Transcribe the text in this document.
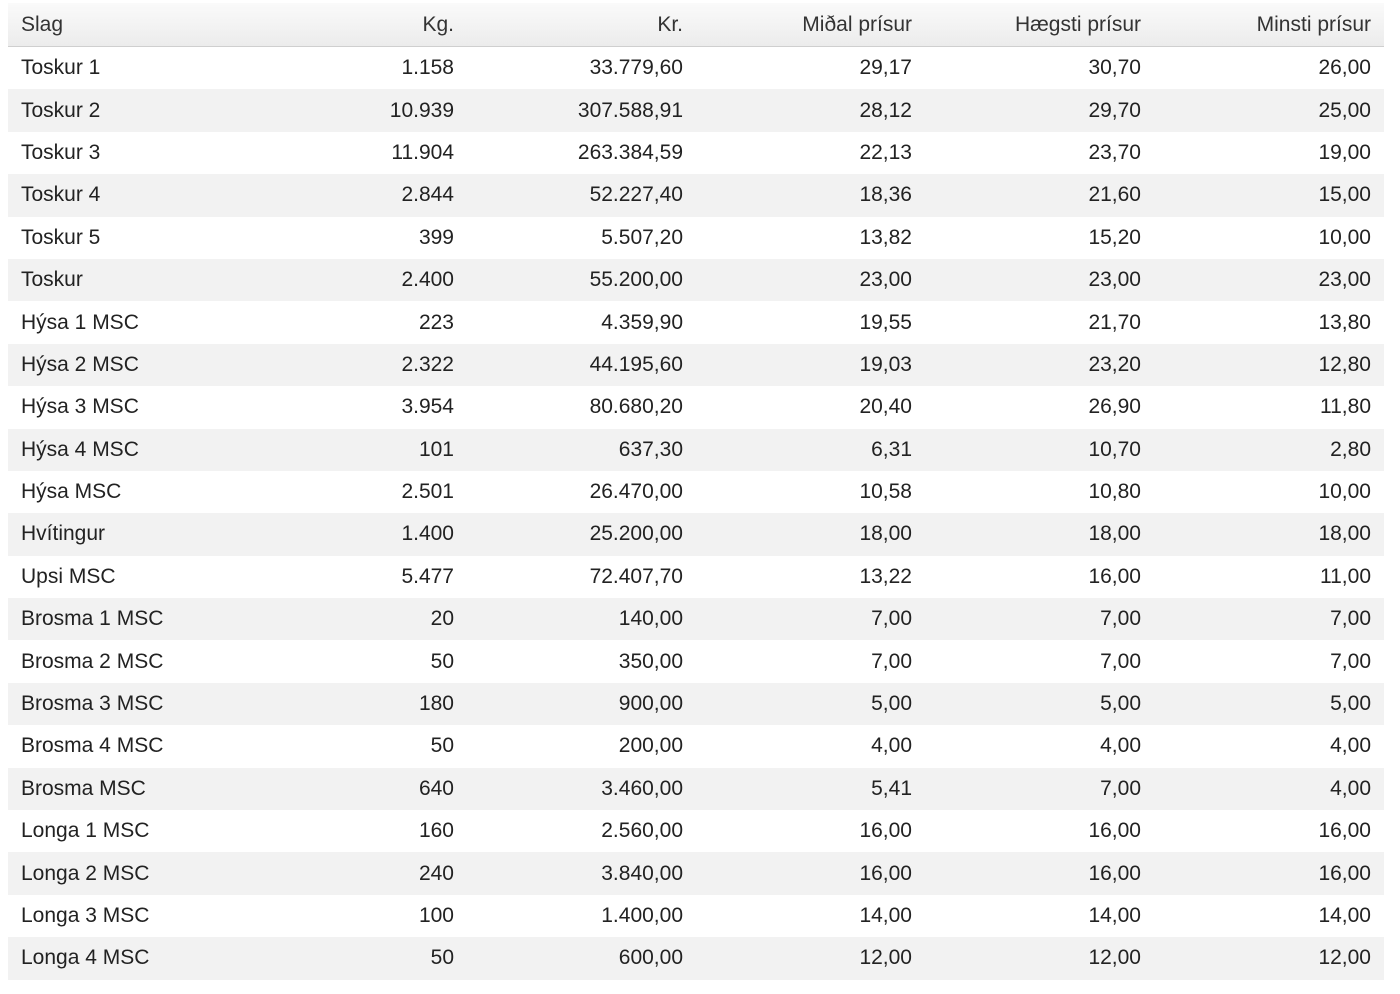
Slag	Kg.	Kr.	Miðal prísur	Hægsti prísur	Minsti prísur
Toskur 1	1.158	33.779,60	29,17	30,70	26,00
Toskur 2	10.939	307.588,91	28,12	29,70	25,00
Toskur 3	11.904	263.384,59	22,13	23,70	19,00
Toskur 4	2.844	52.227,40	18,36	21,60	15,00
Toskur 5	399	5.507,20	13,82	15,20	10,00
Toskur	2.400	55.200,00	23,00	23,00	23,00
Hýsa 1 MSC	223	4.359,90	19,55	21,70	13,80
Hýsa 2 MSC	2.322	44.195,60	19,03	23,20	12,80
Hýsa 3 MSC	3.954	80.680,20	20,40	26,90	11,80
Hýsa 4 MSC	101	637,30	6,31	10,70	2,80
Hýsa MSC	2.501	26.470,00	10,58	10,80	10,00
Hvítingur	1.400	25.200,00	18,00	18,00	18,00
Upsi MSC	5.477	72.407,70	13,22	16,00	11,00
Brosma 1 MSC	20	140,00	7,00	7,00	7,00
Brosma 2 MSC	50	350,00	7,00	7,00	7,00
Brosma 3 MSC	180	900,00	5,00	5,00	5,00
Brosma 4 MSC	50	200,00	4,00	4,00	4,00
Brosma MSC	640	3.460,00	5,41	7,00	4,00
Longa 1 MSC	160	2.560,00	16,00	16,00	16,00
Longa 2 MSC	240	3.840,00	16,00	16,00	16,00
Longa 3 MSC	100	1.400,00	14,00	14,00	14,00
Longa 4 MSC	50	600,00	12,00	12,00	12,00
